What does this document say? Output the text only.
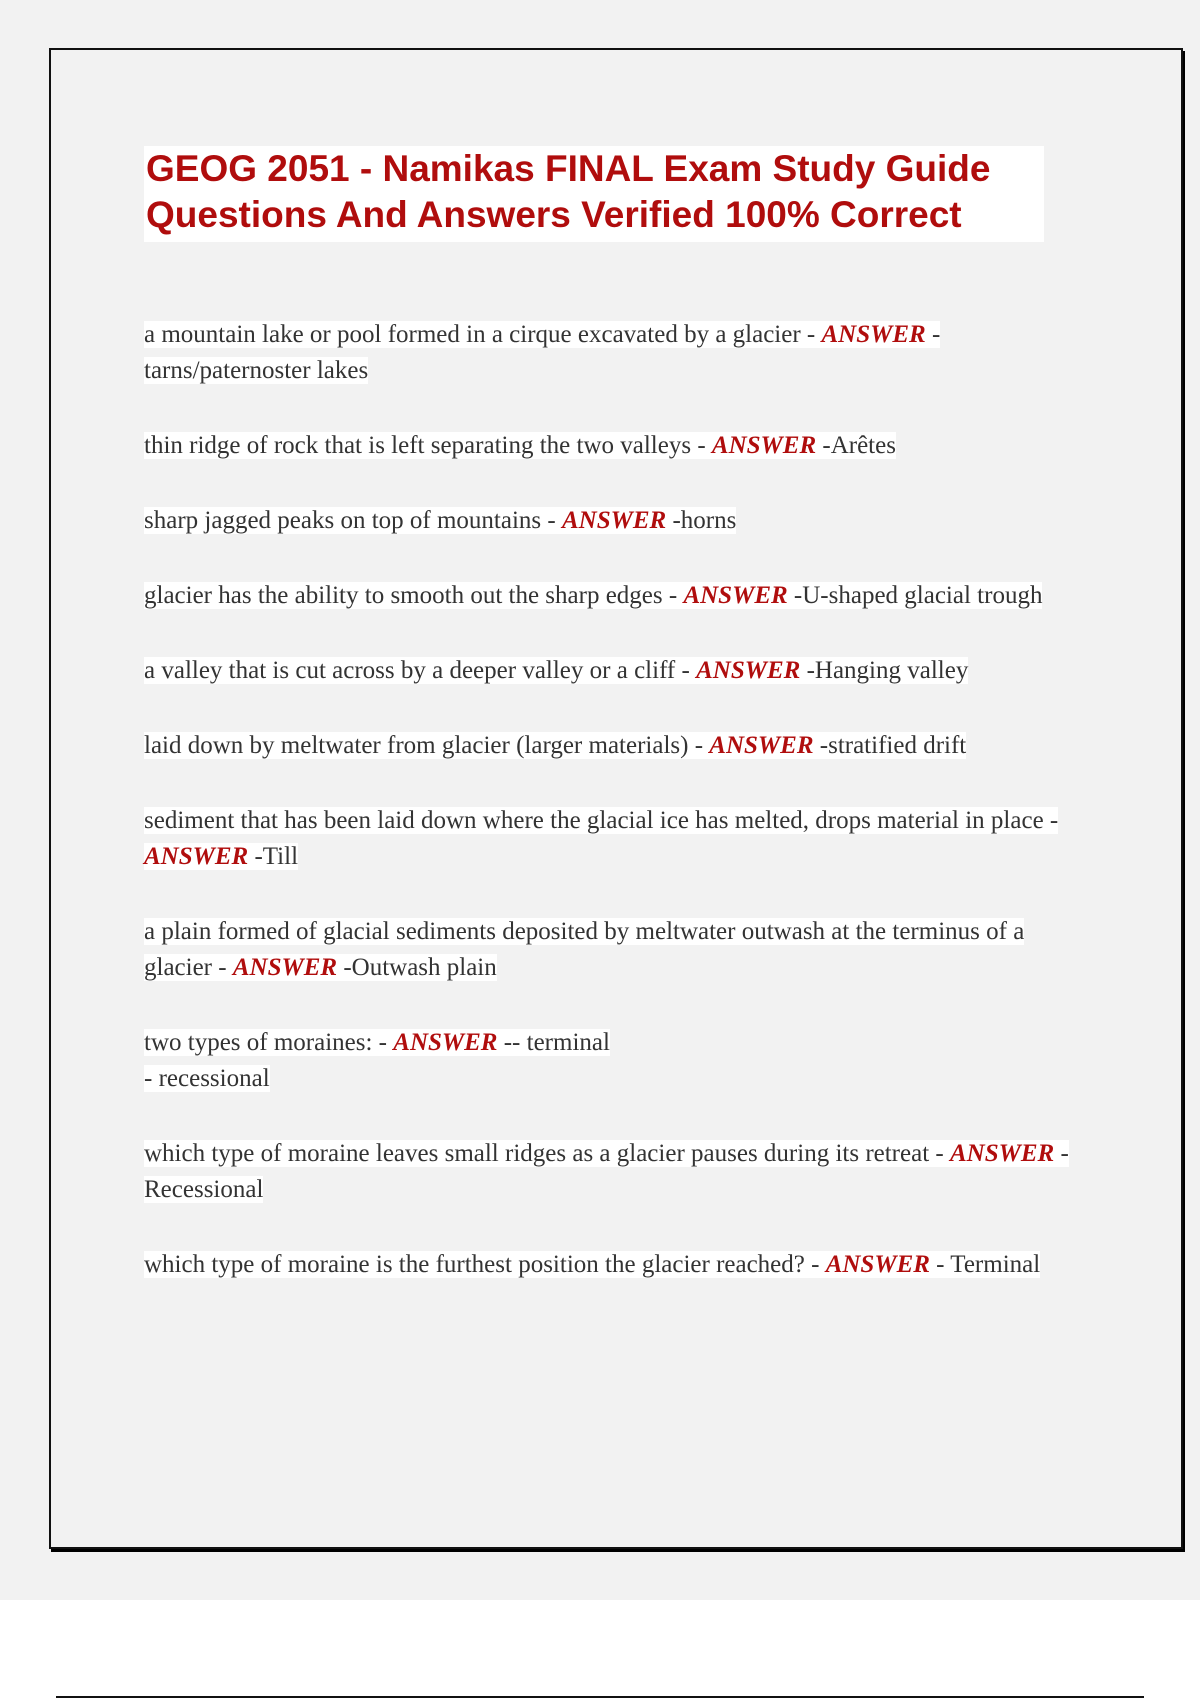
GEOG 2051 - Namikas FINAL Exam Study Guide Questions And Answers Verified 100% Correct

a mountain lake or pool formed in a cirque excavated by a glacier - ANSWER - tarns/paternoster lakes

thin ridge of rock that is left separating the two valleys - ANSWER -Arêtes

sharp jagged peaks on top of mountains - ANSWER -horns

glacier has the ability to smooth out the sharp edges - ANSWER -U-shaped glacial trough

a valley that is cut across by a deeper valley or a cliff - ANSWER -Hanging valley

laid down by meltwater from glacier (larger materials) - ANSWER -stratified drift

sediment that has been laid down where the glacial ice has melted, drops material in place - ANSWER -Till

a plain formed of glacial sediments deposited by meltwater outwash at the terminus of a glacier - ANSWER -Outwash plain

two types of moraines: - ANSWER -- terminal
- recessional

which type of moraine leaves small ridges as a glacier pauses during its retreat - ANSWER -Recessional

which type of moraine is the furthest position the glacier reached? - ANSWER - Terminal
